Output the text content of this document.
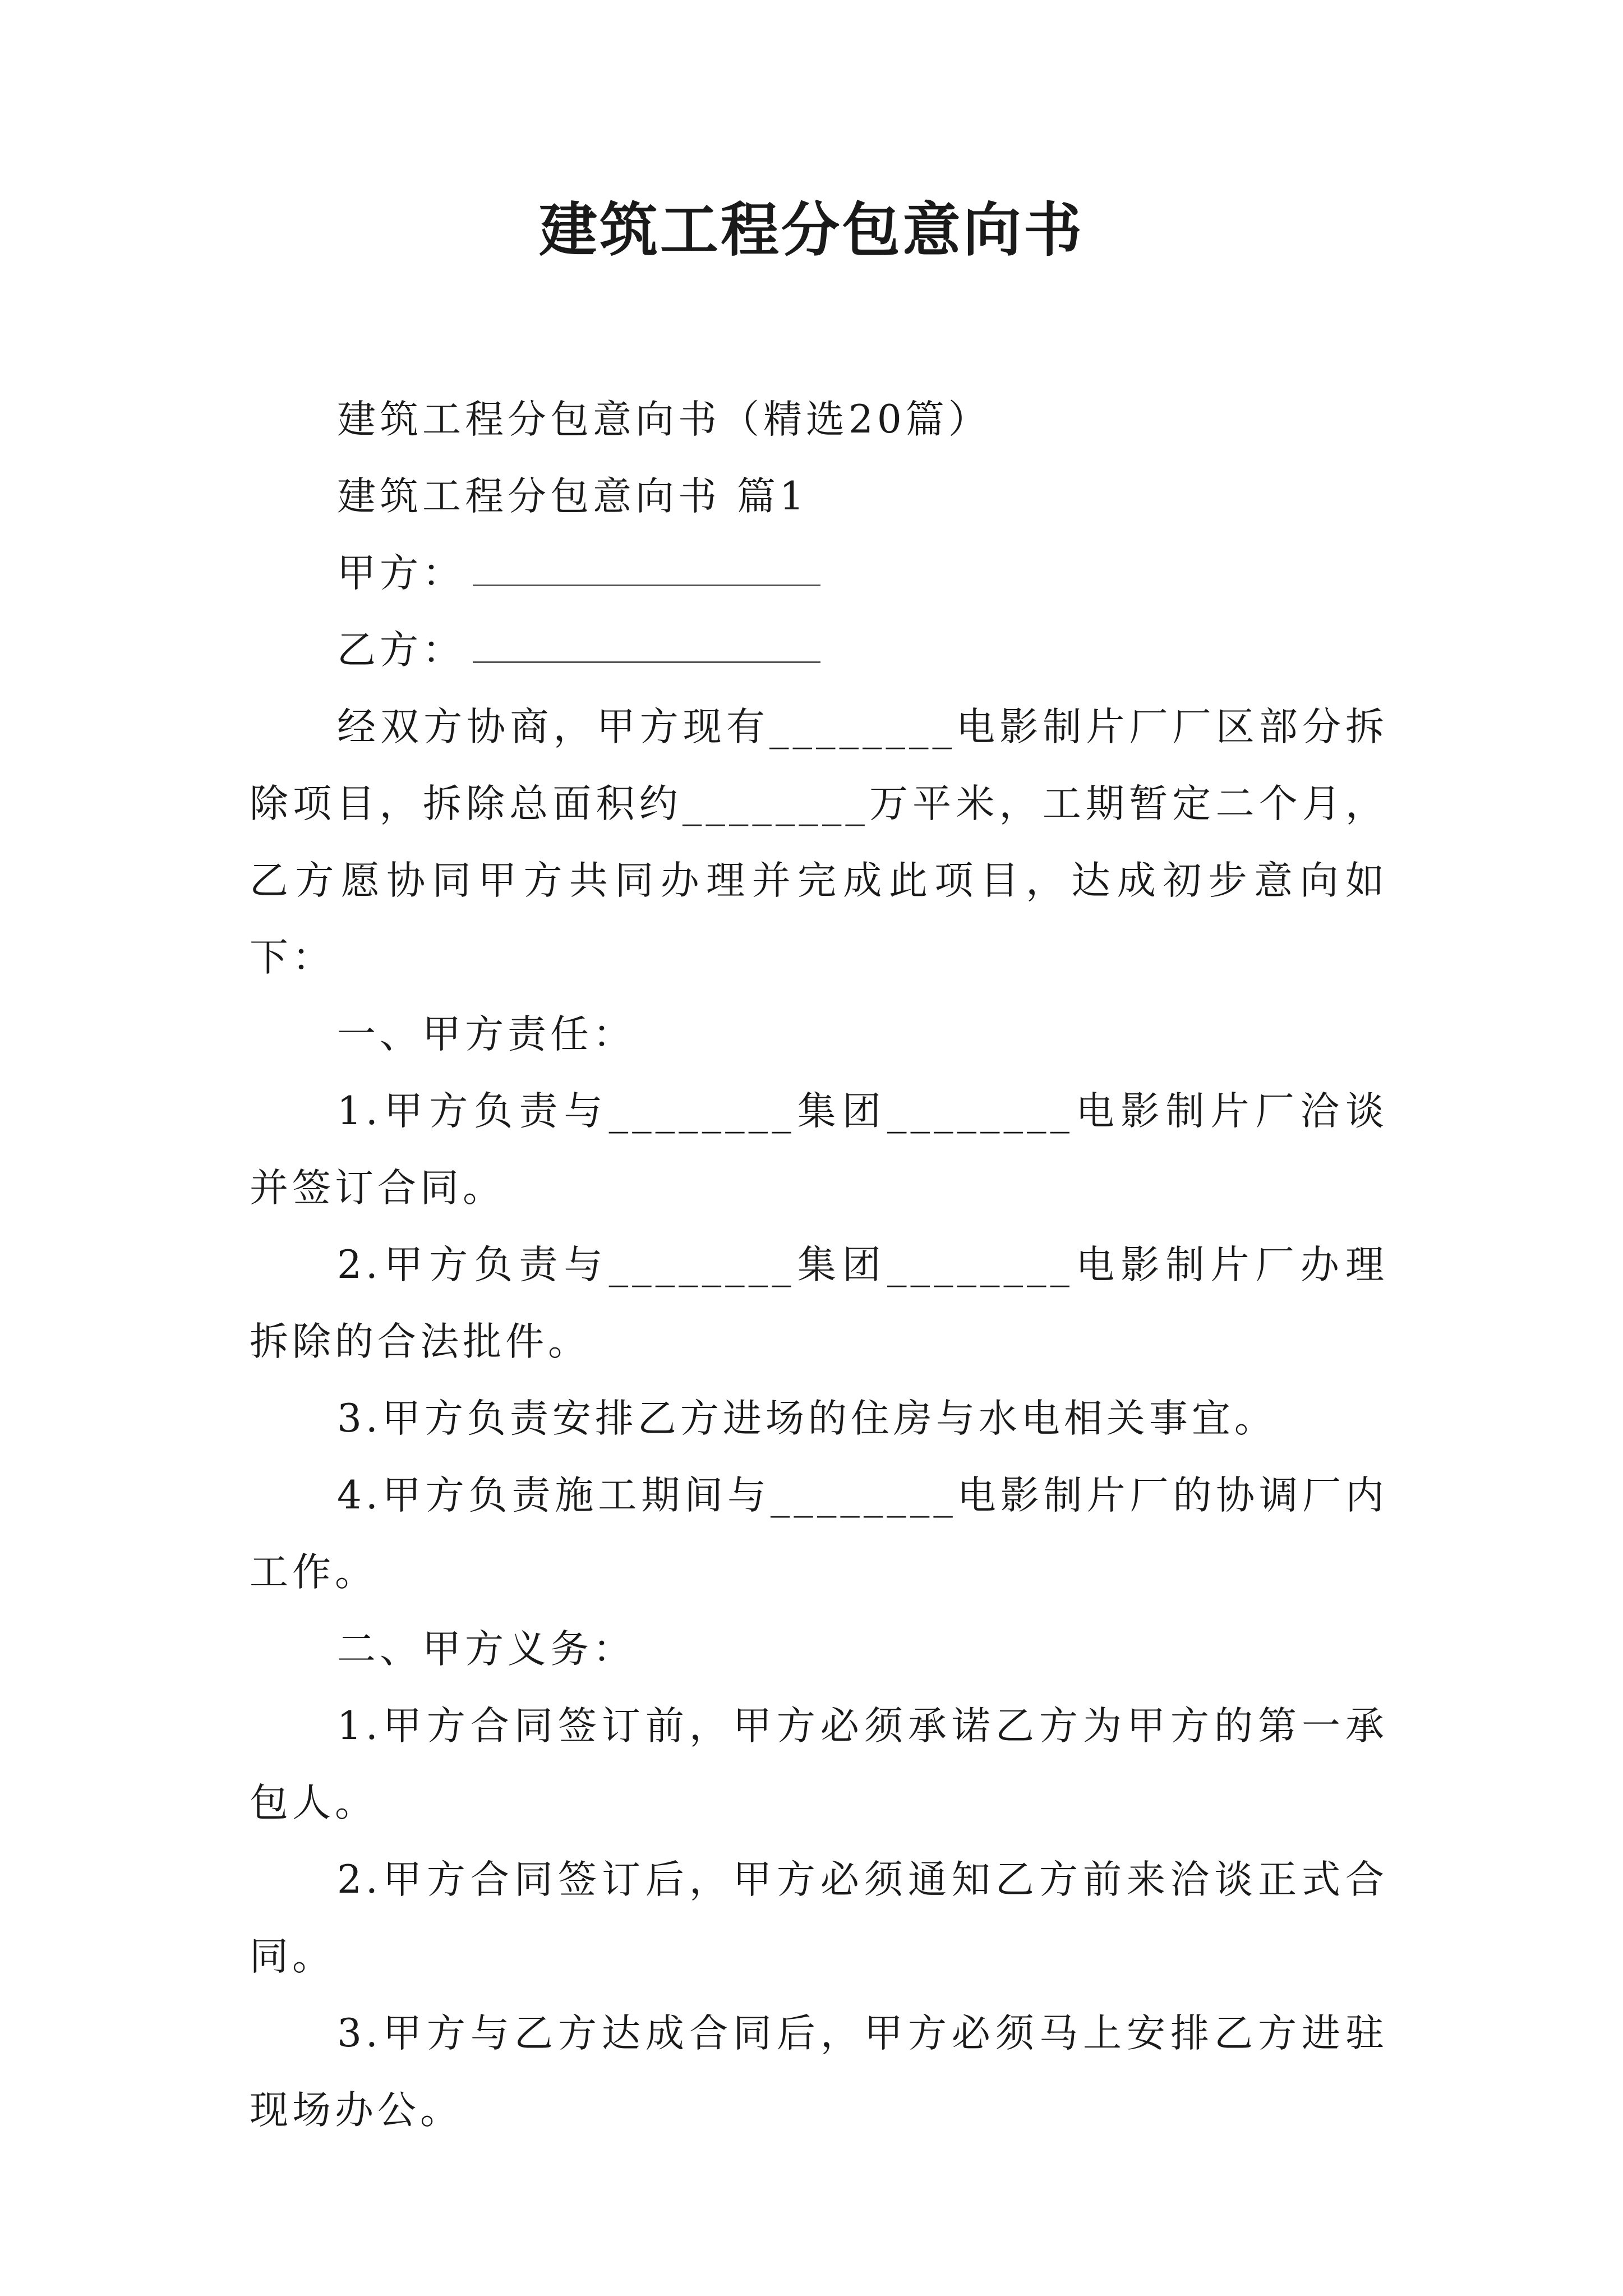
建筑工程分包意向书

建筑工程分包意向书（精选20篇）

建筑工程分包意向书 篇1

甲方：

乙方：

经双方协商，甲方现有________电影制片厂厂区部分拆除项目，拆除总面积约________万平米，工期暂定二个月，乙方愿协同甲方共同办理并完成此项目，达成初步意向如下：

一、甲方责任：

1.甲方负责与________集团________电影制片厂洽谈并签订合同。

2.甲方负责与________集团________电影制片厂办理拆除的合法批件。

3.甲方负责安排乙方进场的住房与水电相关事宜。

4.甲方负责施工期间与________电影制片厂的协调厂内工作。

二、甲方义务：

1.甲方合同签订前，甲方必须承诺乙方为甲方的第一承包人。

2.甲方合同签订后，甲方必须通知乙方前来洽谈正式合同。

3.甲方与乙方达成合同后，甲方必须马上安排乙方进驻现场办公。
